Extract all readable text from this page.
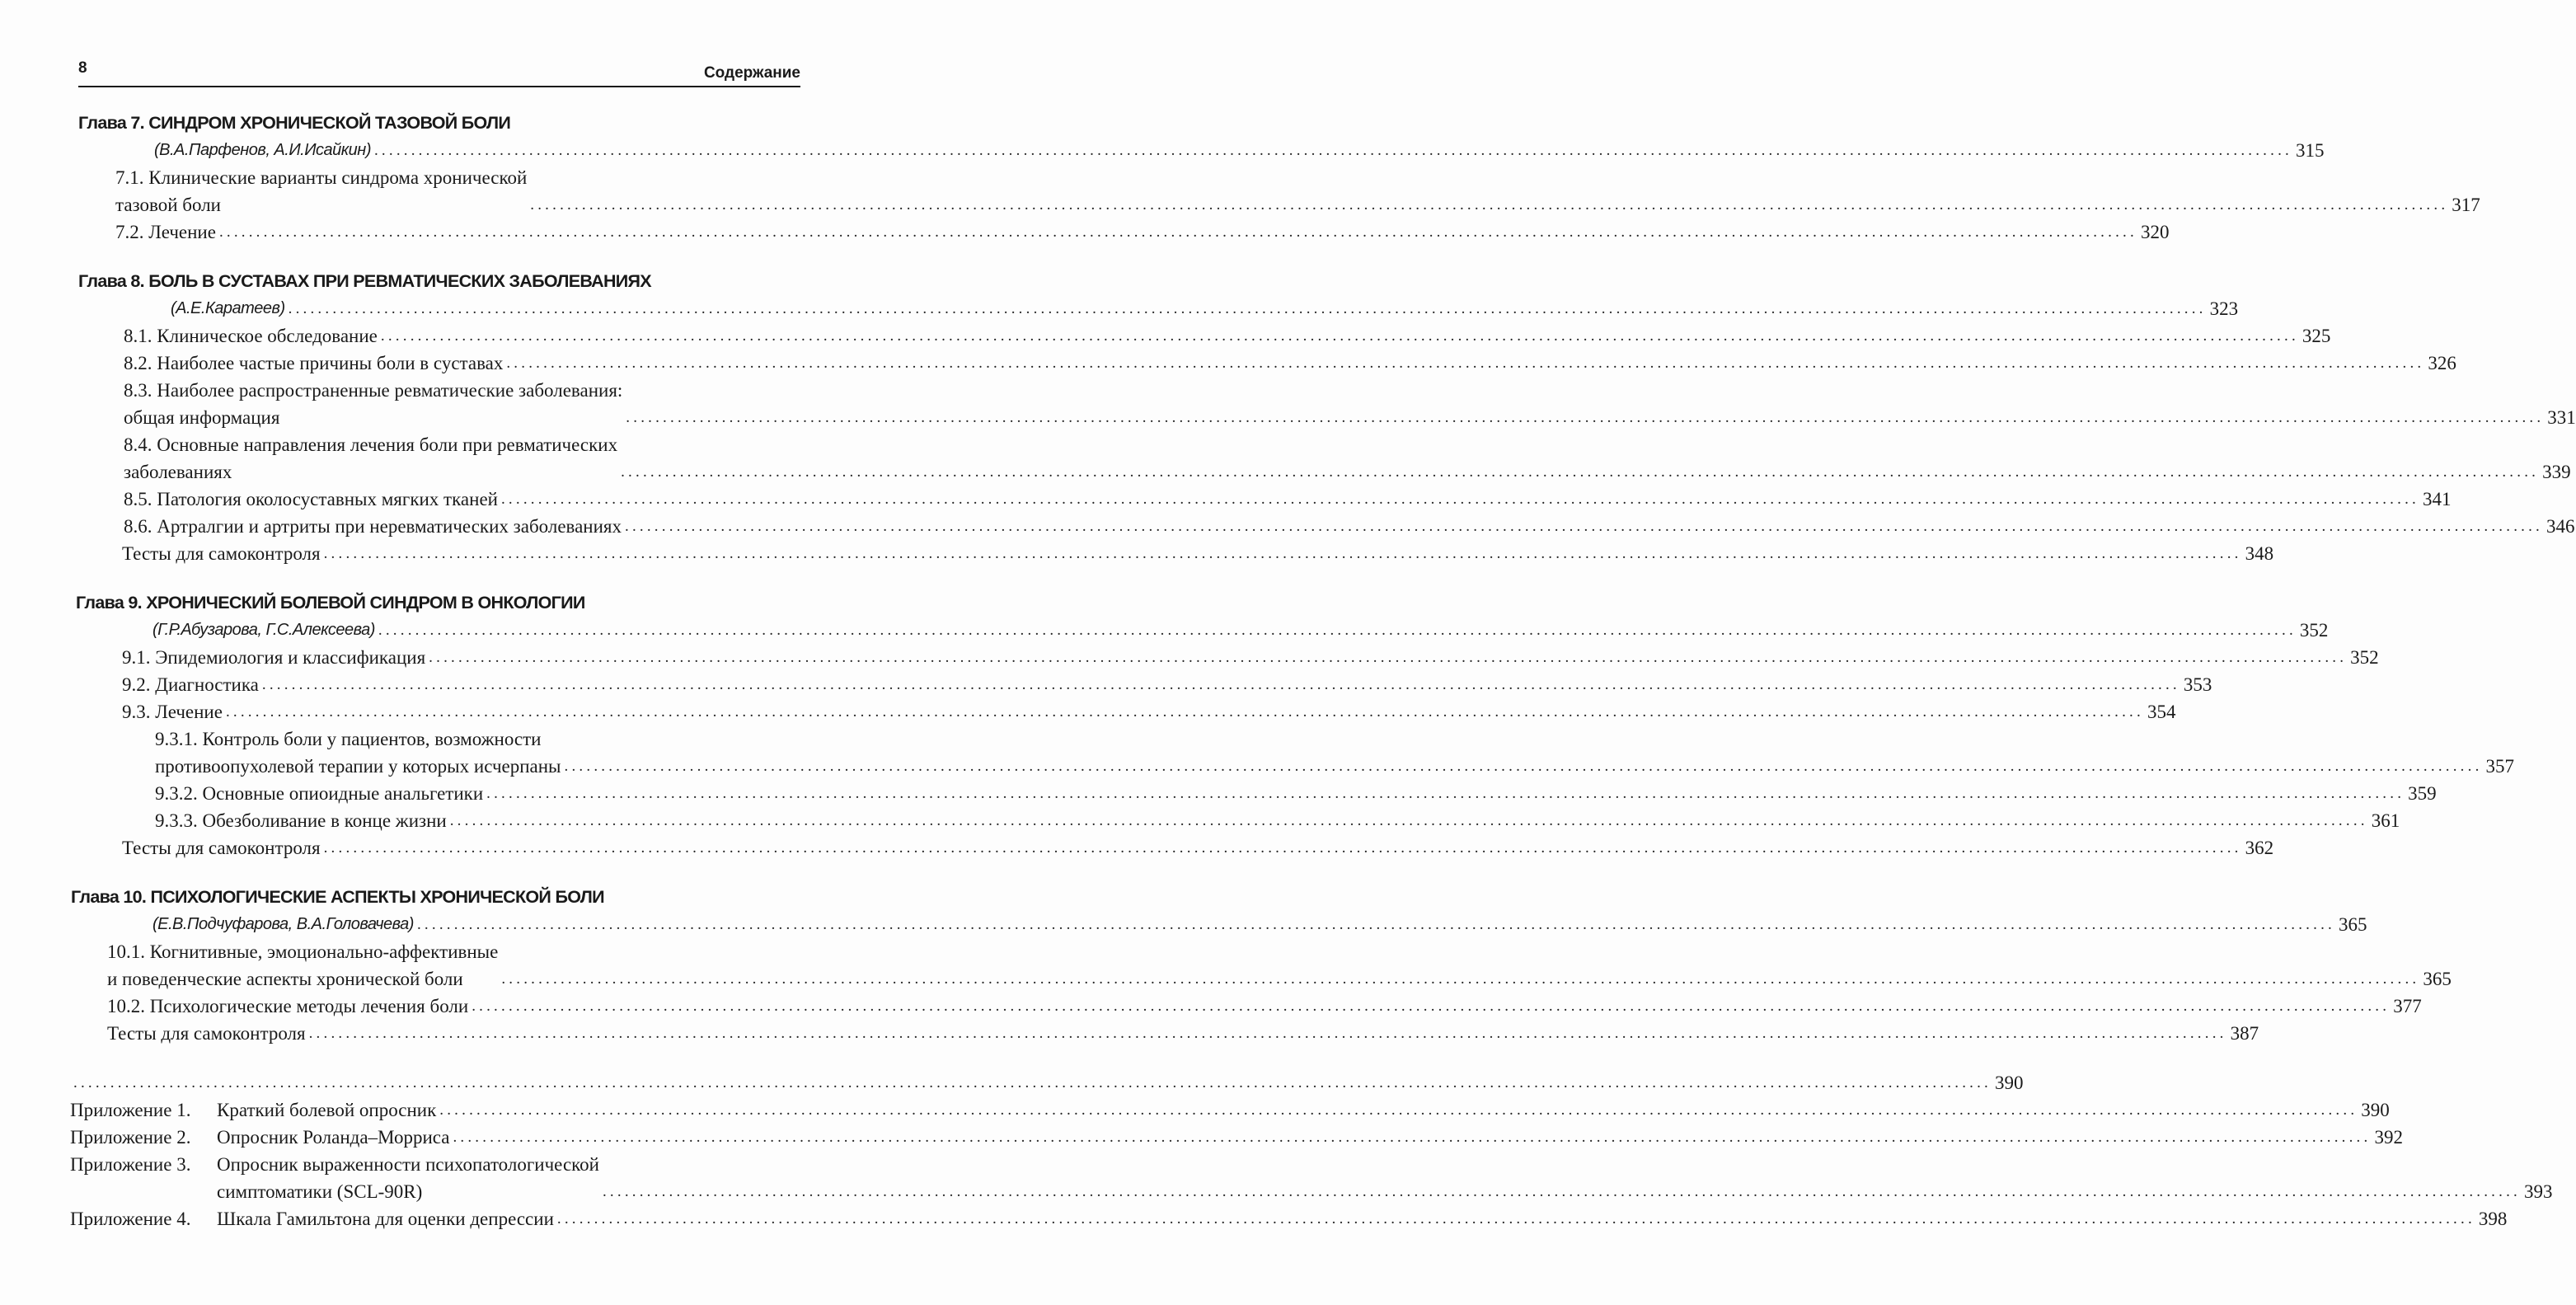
8	Содержание
Глава 7. СИНДРОМ ХРОНИЧЕСКОЙ ТАЗОВОЙ БОЛИ
(В.А.Парфенов, А.И.Исайкин) .................................................................................................................................................................................................................................................................... 315
7.1. Клинические варианты синдрома хронической
тазовой боли	.................................................................................................................................................................................................................................................................... 317
7.2. Лечение .................................................................................................................................................................................................................................................................... 320
Глава 8. БОЛЬ В СУСТАВАХ ПРИ РЕВМАТИЧЕСКИХ ЗАБОЛЕВАНИЯХ
(А.Е.Каратеев) .................................................................................................................................................................................................................................................................... 323
8.1. Клиническое обследование .................................................................................................................................................................................................................................................................... 325
8.2. Наиболее частые причины боли в суставах .................................................................................................................................................................................................................................................................... 326
8.3. Наиболее распространенные ревматические заболевания:
общая информация	.................................................................................................................................................................................................................................................................... 331
8.4. Основные направления лечения боли при ревматических
заболеваниях	.................................................................................................................................................................................................................................................................... 339
8.5. Патология околосуставных мягких тканей .................................................................................................................................................................................................................................................................... 341
8.6. Артралгии и артриты при неревматических заболеваниях .................................................................................................................................................................................................................................................................... 346
Тесты для самоконтроля .................................................................................................................................................................................................................................................................... 348
Глава 9. ХРОНИЧЕСКИЙ БОЛЕВОЙ СИНДРОМ В ОНКОЛОГИИ
(Г.Р.Абузарова, Г.С.Алексеева) .................................................................................................................................................................................................................................................................... 352
9.1. Эпидемиология и классификация .................................................................................................................................................................................................................................................................... 352
9.2. Диагностика .................................................................................................................................................................................................................................................................... 353
9.3. Лечение .................................................................................................................................................................................................................................................................... 354
9.3.1. Контроль боли у пациентов, возможности
противоопухолевой терапии у которых исчерпаны .................................................................................................................................................................................................................................................................... 357
9.3.2. Основные опиоидные анальгетики .................................................................................................................................................................................................................................................................... 359
9.3.3. Обезболивание в конце жизни .................................................................................................................................................................................................................................................................... 361
Тесты для самоконтроля .................................................................................................................................................................................................................................................................... 362
Глава 10. ПСИХОЛОГИЧЕСКИЕ АСПЕКТЫ ХРОНИЧЕСКОЙ БОЛИ
(Е.В.Подчуфарова, В.А.Головачева) .................................................................................................................................................................................................................................................................... 365
10.1. Когнитивные, эмоционально-аффективные
и поведенческие аспекты хронической боли	.................................................................................................................................................................................................................................................................... 365
10.2. Психологические методы лечения боли .................................................................................................................................................................................................................................................................... 377
Тесты для самоконтроля .................................................................................................................................................................................................................................................................... 387
.................................................................................................................................................................................................................................................................... 390
Приложение 1. Краткий болевой опросник .................................................................................................................................................................................................................................................................... 390
Приложение 2. Опросник Роланда–Морриса .................................................................................................................................................................................................................................................................... 392
Приложение 3. Опросник выраженности психопатологической
симптоматики (SCL-90R)	.................................................................................................................................................................................................................................................................... 393
Приложение 4. Шкала Гамильтона для оценки депрессии .................................................................................................................................................................................................................................................................... 398
